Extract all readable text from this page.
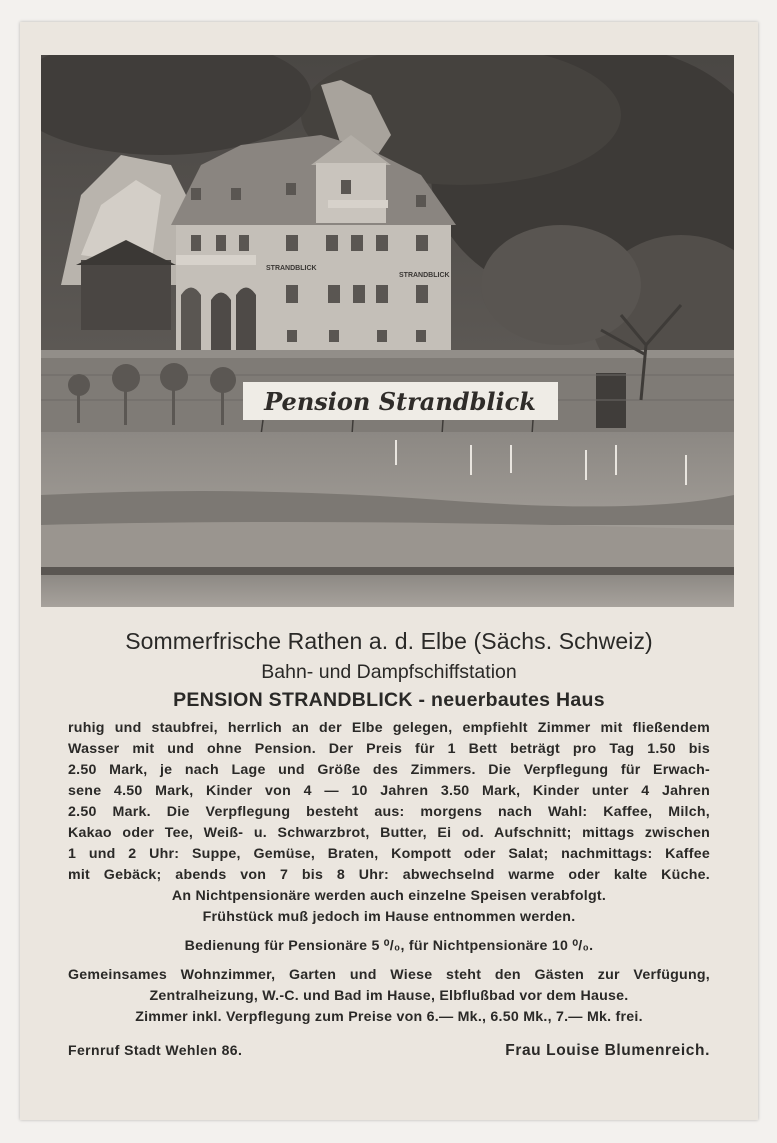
STRANDBLICK
STRANDBLICK
Pension Strandblick

Sommerfrische Rathen a. d. Elbe (Sächs. Schweiz)

Bahn- und Dampfschiffstation

PENSION STRANDBLICK - neuerbautes Haus

ruhig und staubfrei, herrlich an der Elbe gelegen, empfiehlt Zimmer mit fließendem
Wasser mit und ohne Pension. Der Preis für 1 Bett beträgt pro Tag 1.50 bis
2.50 Mark, je nach Lage und Größe des Zimmers. Die Verpflegung für Erwach-
sene 4.50 Mark, Kinder von 4 — 10 Jahren 3.50 Mark, Kinder unter 4 Jahren
2.50 Mark. Die Verpflegung besteht aus: morgens nach Wahl: Kaffee, Milch,
Kakao oder Tee, Weiß- u. Schwarzbrot, Butter, Ei od. Aufschnitt; mittags zwischen
1 und 2 Uhr: Suppe, Gemüse, Braten, Kompott oder Salat; nachmittags: Kaffee
mit Gebäck; abends von 7 bis 8 Uhr: abwechselnd warme oder kalte Küche.
An Nichtpensionäre werden auch einzelne Speisen verabfolgt.
Frühstück muß jedoch im Hause entnommen werden.
Bedienung für Pensionäre 5 ⁰/₀, für Nichtpensionäre 10 ⁰/₀.
Gemeinsames Wohnzimmer, Garten und Wiese steht den Gästen zur Verfügung,
Zentralheizung, W.-C. und Bad im Hause, Elbflußbad vor dem Hause.
Zimmer inkl. Verpflegung zum Preise von 6.— Mk., 6.50 Mk., 7.— Mk. frei.
Fernruf Stadt Wehlen 86.	Frau Louise Blumenreich.
